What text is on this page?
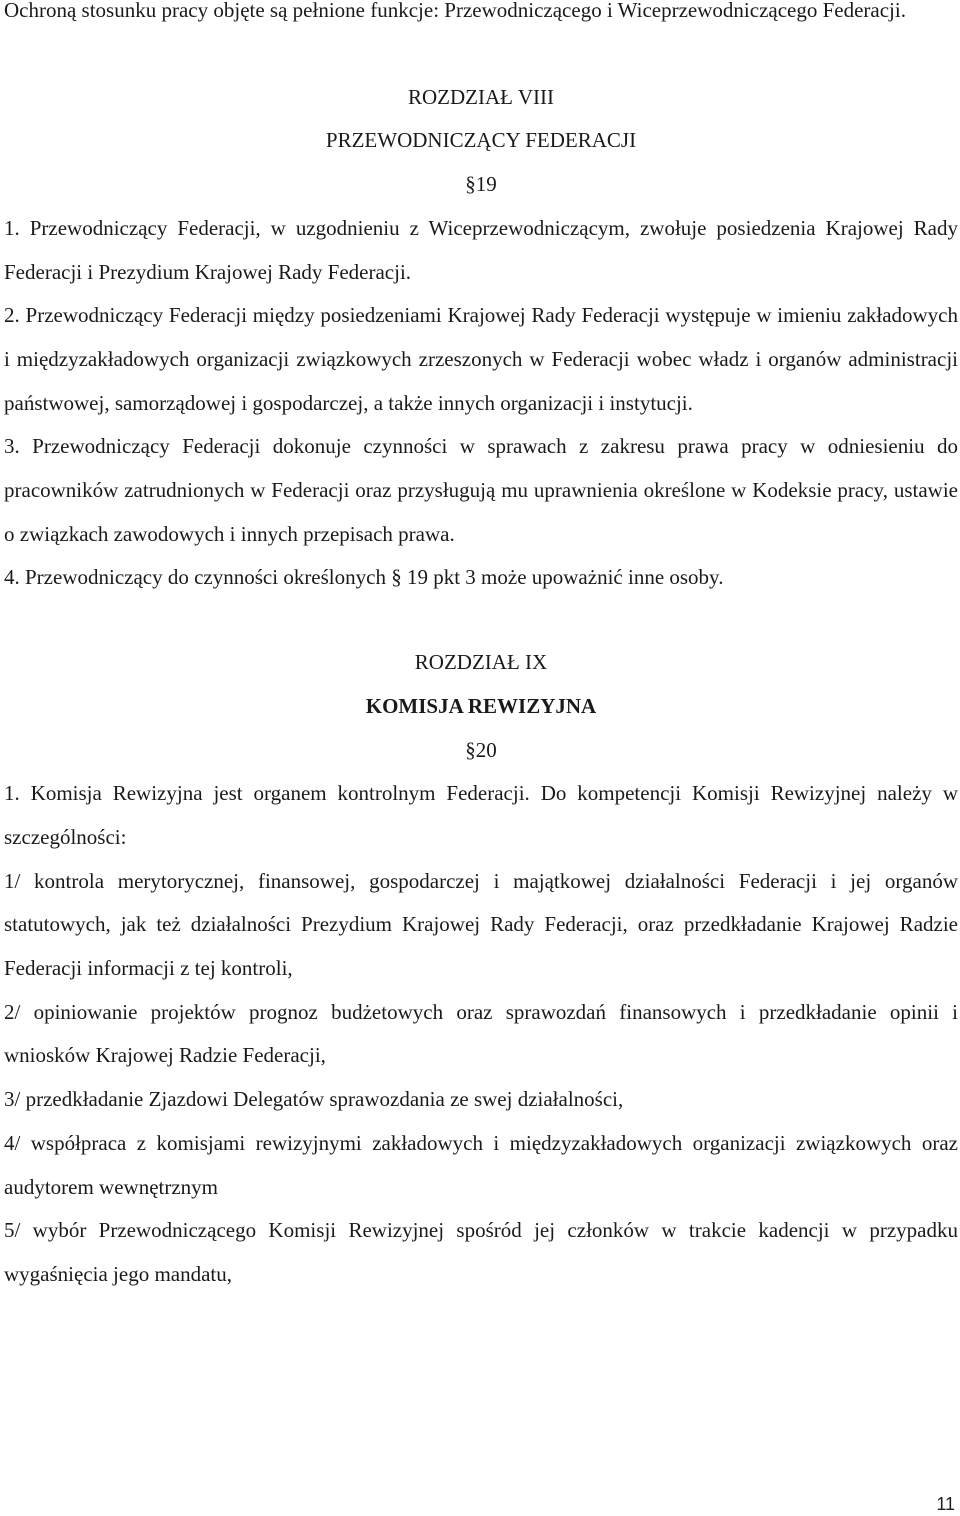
Ochroną stosunku pracy objęte są pełnione funkcje: Przewodniczącego i Wiceprzewodniczącego Federacji.

ROZDZIAŁ VIII

PRZEWODNICZĄCY FEDERACJI

§19

1. Przewodniczący Federacji, w uzgodnieniu z Wiceprzewodniczącym, zwołuje posiedzenia Krajowej Rady Federacji i Prezydium Krajowej Rady Federacji.

2. Przewodniczący Federacji między posiedzeniami Krajowej Rady Federacji występuje w imieniu zakładowych i międzyzakładowych organizacji związkowych zrzeszonych w Federacji wobec władz i organów administracji państwowej, samorządowej i gospodarczej, a także innych organizacji i instytucji.

3. Przewodniczący Federacji dokonuje czynności w sprawach z zakresu prawa pracy w odniesieniu do pracowników zatrudnionych w Federacji oraz przysługują mu uprawnienia określone w Kodeksie pracy, ustawie o związkach zawodowych i innych przepisach prawa.

4. Przewodniczący do czynności określonych § 19 pkt 3 może upoważnić inne osoby.

ROZDZIAŁ IX

KOMISJA REWIZYJNA

§20

1. Komisja Rewizyjna jest organem kontrolnym Federacji. Do kompetencji Komisji Rewizyjnej należy w szczególności:

1/ kontrola merytorycznej, finansowej, gospodarczej i majątkowej działalności Federacji i jej organów statutowych, jak też działalności Prezydium Krajowej Rady Federacji, oraz przedkładanie Krajowej Radzie Federacji informacji z tej kontroli,

2/ opiniowanie projektów prognoz budżetowych oraz sprawozdań finansowych i przedkładanie opinii i wniosków Krajowej Radzie Federacji,

3/ przedkładanie Zjazdowi Delegatów sprawozdania ze swej działalności,

4/ współpraca z komisjami rewizyjnymi zakładowych i międzyzakładowych organizacji związkowych oraz audytorem wewnętrznym

5/ wybór Przewodniczącego Komisji Rewizyjnej spośród jej członków w trakcie kadencji w przypadku wygaśnięcia jego mandatu,

11
